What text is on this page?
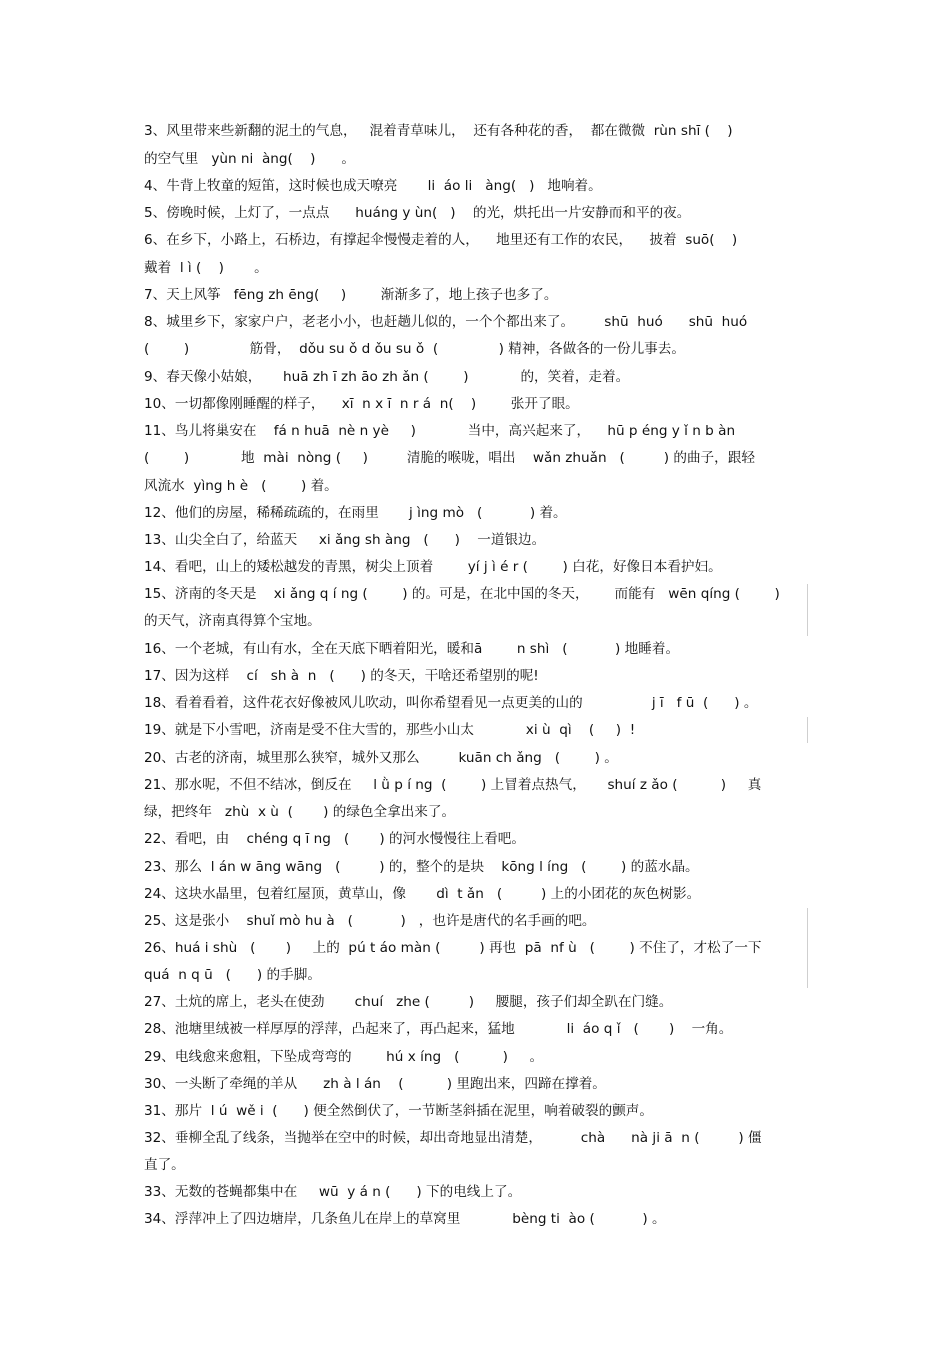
3、风里带来些新翻的泥土的气息，   混着青草味儿，  还有各种花的香，  都在微微  rùn shī (    )
的空气里   yùn ni  àng(    )      。
4、牛背上牧童的短笛，这时候也成天嘹亮       li  áo li   àng(   )   地响着。
5、傍晚时候，上灯了，一点点      huáng y ùn(   )    的光，烘托出一片安静而和平的夜。
6、在乡下，小路上，石桥边，有撑起伞慢慢走着的人，    地里还有工作的农民，    披着  suō(    )
戴着  l ì (    )       。
7、天上风筝   fēng zh ēng(     )        渐渐多了，地上孩子也多了。
8、城里乡下，家家户户，老老小小，也赶趟儿似的，一个个都出来了。       shū  huó      shū  huó
(        )              筋骨，  dǒu su ǒ d ǒu su ǒ  (              ) 精神，各做各的一份儿事去。
9、春天像小姑娘，     huā zh ī zh āo zh ǎn (        )            的，笑着，走着。
10、一切都像刚睡醒的样子，    xī  n x ī  n r á  n(    )        张开了眼。
11、鸟儿将巢安在    fá n huā  nè n yè     )            当中，高兴起来了，    hū p éng y ǐ n b àn
(        )            地  mài  nòng (     )         清脆的喉咙，唱出    wǎn zhuǎn   (         ) 的曲子，跟轻
风流水  yìng h è   (        ) 着。
12、他们的房屋，稀稀疏疏的，在雨里       j ìng mò   (           ) 着。
13、山尖全白了，给蓝天     xi ǎng sh àng   (      )    一道银边。
14、看吧，山上的矮松越发的青黑，树尖上顶着        yí j ì é r (        ) 白花，好像日本看护妇。
15、济南的冬天是    xi ǎng q í ng (        ) 的。可是，在北中国的冬天，      而能有   wēn qíng (        )
的天气，济南真得算个宝地。
16、一个老城，有山有水，全在天底下晒着阳光，暖和ā        n shì   (           ) 地睡着。
17、因为这样    cí   sh à  n   (      ) 的冬天，干啥还希望别的呢!
18、看着看着，这件花衣好像被风儿吹动，叫你希望看见一点更美的山的                j ī   f ū  (      ) 。
19、就是下小雪吧，济南是受不住大雪的，那些小山太            xi ù  qì    (     )  !
20、古老的济南，城里那么狭窄，城外又那么         kuān ch ǎng   (        ) 。
21、那水呢，不但不结冰，倒反在     l ǜ p í ng  (        ) 上冒着点热气，     shuí z ǎo (          )     真
绿，把终年   zhù  x ù  (       ) 的绿色全拿出来了。
22、看吧，由    chéng q ī ng   (       ) 的河水慢慢往上看吧。
23、那么  l án w āng wāng   (         ) 的，整个的是块    kōng l íng   (        ) 的蓝水晶。
24、这块水晶里，包着红屋顶，黄草山，像       dì  t ǎn   (         ) 上的小团花的灰色树影。
25、这是张小    shuǐ mò hu à   (           )   ，也许是唐代的名手画的吧。
26、huá i shù   (       )     上的  pú t áo màn (         ) 再也  pā  nf ù   (        ) 不住了，才松了一下
quá  n q ū   (      ) 的手脚。
27、土炕的席上，老头在使劲       chuí   zhe (         )     腰腿，孩子们却全趴在门缝。
28、池塘里绒被一样厚厚的浮萍，凸起来了，再凸起来，猛地            li  áo q ǐ   (       )    一角。
29、电线愈来愈粗，下坠成弯弯的        hú x íng   (          )     。
30、一头断了牵绳的羊从      zh à l án    (          ) 里跑出来，四蹄在撑着。
31、那片  l ú  wě i  (      ) 便全然倒伏了，一节断茎斜插在泥里，响着破裂的颤声。
32、垂柳全乱了线条，当抛举在空中的时候，却出奇地显出清楚，         chà      nà ji ā  n (         ) 僵
直了。
33、无数的苍蝇都集中在     wū  y á n (      ) 下的电线上了。
34、浮萍冲上了四边塘岸，几条鱼儿在岸上的草窝里            bèng ti  ào (           ) 。
